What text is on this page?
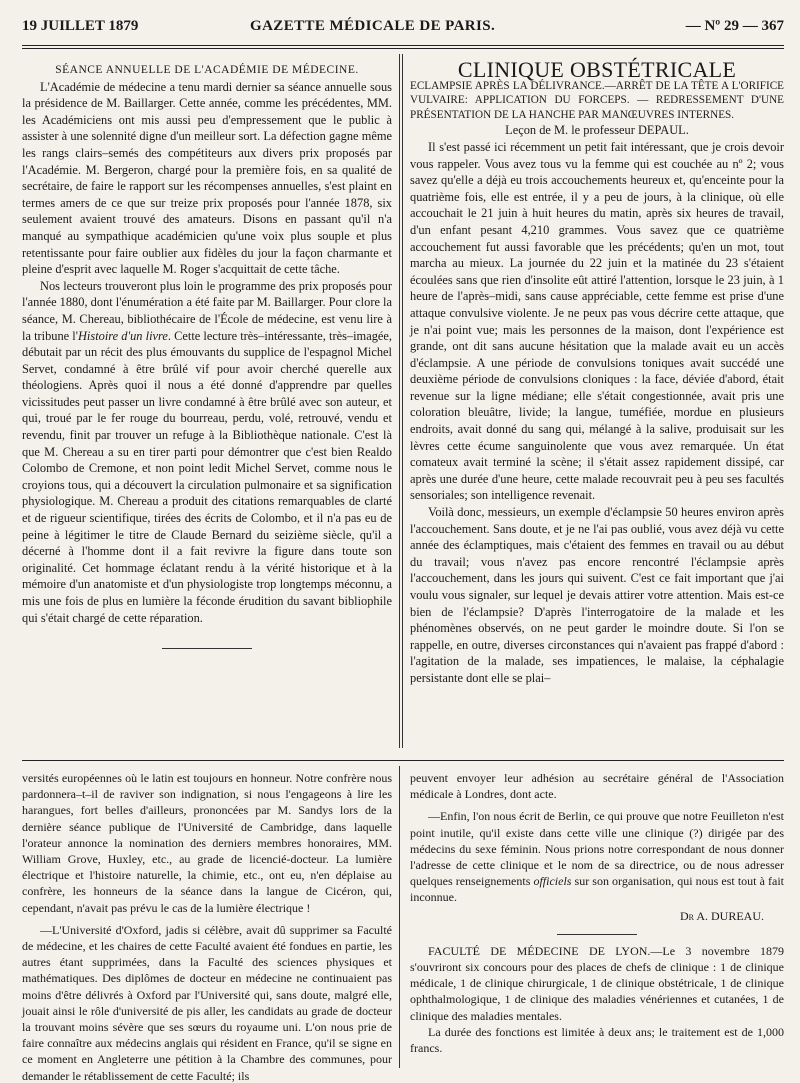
19 JUILLET 1879	GAZETTE MÉDICALE DE PARIS.	— Nº 29 — 367

SÉANCE ANNUELLE DE L'ACADÉMIE DE MÉDECINE.

L'Académie de médecine a tenu mardi dernier sa séance annuelle sous la présidence de M. Baillarger. Cette année, comme les précédentes, MM. les Académiciens ont mis aussi peu d'empressement que le public à assister à une solennité digne d'un meilleur sort. La défection gagne même les rangs clairs–semés des compétiteurs aux divers prix proposés par l'Académie. M. Bergeron, chargé pour la première fois, en sa qualité de secrétaire, de faire le rapport sur les récompenses annuelles, s'est plaint en termes amers de ce que sur treize prix proposés pour l'année 1878, six seulement avaient trouvé des amateurs. Disons en passant qu'il n'a manqué au sympathique académicien qu'une voix plus souple et plus retentissante pour faire oublier aux fidèles du jour la façon charmante et pleine d'esprit avec laquelle M. Roger s'acquittait de cette tâche.

Nos lecteurs trouveront plus loin le programme des prix proposés pour l'année 1880, dont l'énumération a été faite par M. Baillarger. Pour clore la séance, M. Chereau, bibliothécaire de l'École de médecine, est venu lire à la tribune l'Histoire d'un livre. Cette lecture très–intéressante, très–imagée, débutait par un récit des plus émouvants du supplice de l'espagnol Michel Servet, condamné à être brûlé vif pour avoir cherché querelle aux théologiens. Après quoi il nous a été donné d'apprendre par quelles vicissitudes peut passer un livre condamné à être brûlé avec son auteur, et qui, troué par le fer rouge du bourreau, perdu, volé, retrouvé, vendu et revendu, finit par trouver un refuge à la Bibliothèque nationale. C'est là que M. Chereau a su en tirer parti pour démontrer que c'est bien Realdo Colombo de Cremone, et non point ledit Michel Servet, comme nous le croyions tous, qui a découvert la circulation pulmonaire et sa signification physiologique. M. Chereau a produit des citations remarquables de clarté et de rigueur scientifique, tirées des écrits de Colombo, et il n'a pas eu de peine à légitimer le titre de Claude Bernard du seizième siècle, qu'il a décerné à l'homme dont il a fait revivre la figure dans toute son originalité. Cet hommage éclatant rendu à la vérité historique et à la mémoire d'un anatomiste et d'un physiologiste trop longtemps méconnu, a mis une fois de plus en lumière la féconde érudition du savant bibliophile qui s'était chargé de cette réparation.

CLINIQUE OBSTÉTRICALE

ECLAMPSIE APRÈS LA DÉLIVRANCE.—ARRÊT DE LA TÊTE A L'ORIFICE VULVAIRE: APPLICATION DU FORCEPS. — REDRESSEMENT D'UNE PRÉSENTATION DE LA HANCHE PAR MANŒUVRES INTERNES.

Leçon de M. le professeur DEPAUL.

Il s'est passé ici récemment un petit fait intéressant, que je crois devoir vous rappeler. Vous avez tous vu la femme qui est couchée au nº 2; vous savez qu'elle a déjà eu trois accouchements heureux et, qu'enceinte pour la quatrième fois, elle est entrée, il y a peu de jours, à la clinique, où elle accouchait le 21 juin à huit heures du matin, après six heures de travail, d'un enfant pesant 4,210 grammes. Vous savez que ce quatrième accouchement fut aussi favorable que les précédents; qu'en un mot, tout marcha au mieux. La journée du 22 juin et la matinée du 23 s'étaient écoulées sans que rien d'insolite eût attiré l'attention, lorsque le 23 juin, à 1 heure de l'après–midi, sans cause appréciable, cette femme est prise d'une attaque convulsive violente. Je ne peux pas vous décrire cette attaque, que je n'ai point vue; mais les personnes de la maison, dont l'expérience est grande, ont dit sans aucune hésitation que la malade avait eu un accès d'éclampsie. A une période de convulsions toniques avait succédé une deuxième période de convulsions cloniques : la face, déviée d'abord, était revenue sur la ligne médiane; elle s'était congestionnée, avait pris une coloration bleuâtre, livide; la langue, tuméfiée, mordue en plusieurs endroits, avait donné du sang qui, mélangé à la salive, produisait sur les lèvres cette écume sanguinolente que vous avez remarquée. Un état comateux avait terminé la scène; il s'était assez rapidement dissipé, car après une durée d'une heure, cette malade recouvrait peu à peu ses facultés sensoriales; son intelligence revenait.

Voilà donc, messieurs, un exemple d'éclampsie 50 heures environ après l'accouchement. Sans doute, et je ne l'ai pas oublié, vous avez déjà vu cette année des éclamptiques, mais c'étaient des femmes en travail ou au début du travail; vous n'avez pas encore rencontré l'éclampsie après l'accouchement, dans les jours qui suivent. C'est ce fait important que j'ai voulu vous signaler, sur lequel je devais attirer votre attention. Mais est-ce bien de l'éclampsie? D'après l'interrogatoire de la malade et les phénomènes observés, on ne peut garder le moindre doute. Si l'on se rappelle, en outre, diverses circonstances qui n'avaient pas frappé d'abord : l'agitation de la malade, ses impatiences, le malaise, la céphalagie persistante dont elle se plai–

versités européennes où le latin est toujours en honneur. Notre confrère nous pardonnera–t–il de raviver son indignation, si nous l'engageons à lire les harangues, fort belles d'ailleurs, prononcées par M. Sandys lors de la dernière séance publique de l'Université de Cambridge, dans laquelle l'orateur annonce la nomination des derniers membres honoraires, MM. William Grove, Huxley, etc., au grade de licencié-docteur. La lumière électrique et l'histoire naturelle, la chimie, etc., ont eu, n'en déplaise au confrère, les honneurs de la séance dans la langue de Cicéron, qui, cependant, n'avait pas prévu le cas de la lumière électrique !

—L'Université d'Oxford, jadis si célèbre, avait dû supprimer sa Faculté de médecine, et les chaires de cette Faculté avaient été fondues en partie, les autres étant supprimées, dans la Faculté des sciences physiques et mathématiques. Des diplômes de docteur en médecine ne continuaient pas moins d'être délivrés à Oxford par l'Université qui, sans doute, malgré elle, jouait ainsi le rôle d'université de pis aller, les candidats au grade de docteur la trouvant moins sévère que ses sœurs du royaume uni. L'on nous prie de faire connaître aux médecins anglais qui résident en France, qu'il se signe en ce moment en Angleterre une pétition à la Chambre des communes, pour demander le rétablissement de cette Faculté; ils

peuvent envoyer leur adhésion au secrétaire général de l'Association médicale à Londres, dont acte.

—Enfin, l'on nous écrit de Berlin, ce qui prouve que notre Feuilleton n'est point inutile, qu'il existe dans cette ville une clinique (?) dirigée par des médecins du sexe féminin. Nous prions notre correspondant de nous donner l'adresse de cette clinique et le nom de sa directrice, ou de nous adresser quelques renseignements officiels sur son organisation, qui nous est tout à fait inconnue.

Dr A. DUREAU.

FACULTÉ DE MÉDECINE DE LYON.—Le 3 novembre 1879 s'ouvriront six concours pour des places de chefs de clinique : 1 de clinique médicale, 1 de clinique chirurgicale, 1 de clinique obstétricale, 1 de clinique ophthalmologique, 1 de clinique des maladies vénériennes et cutanées, 1 de clinique des maladies mentales.

La durée des fonctions est limitée à deux ans; le traitement est de 1,000 francs.
